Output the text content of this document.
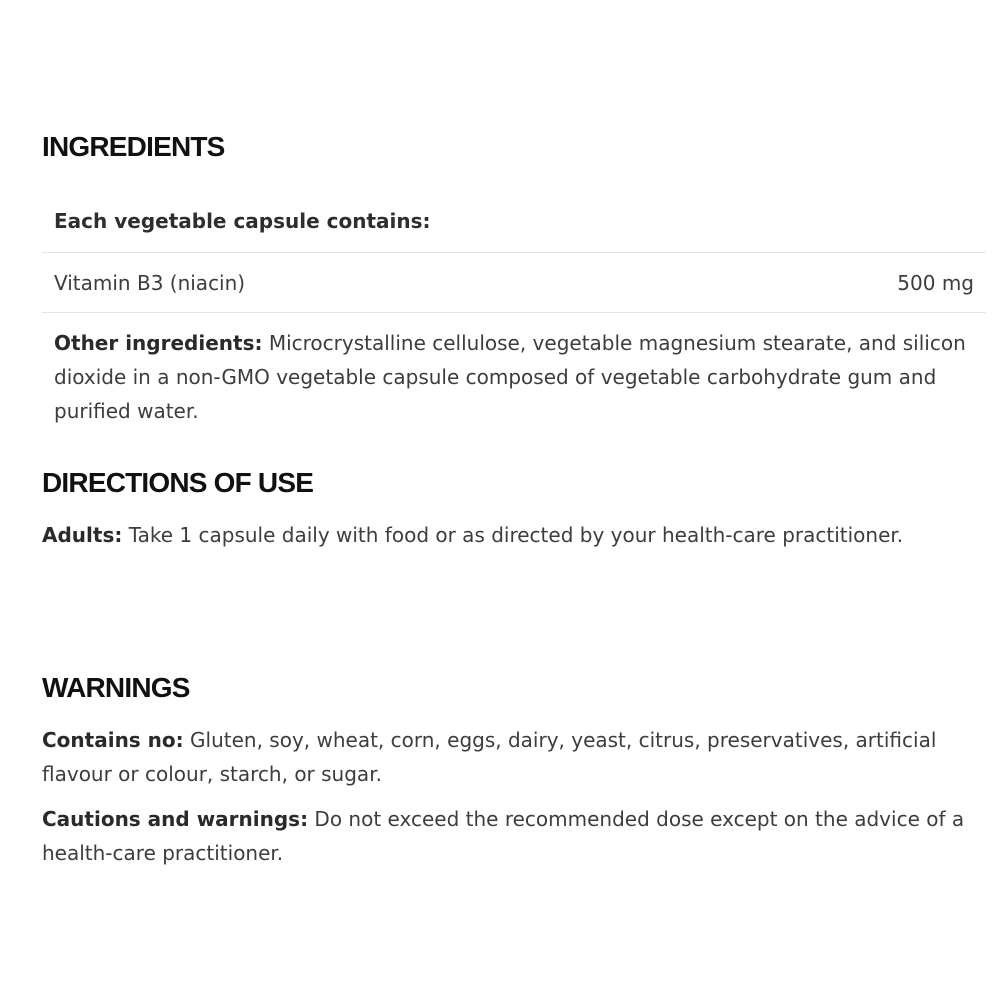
INGREDIENTS
Each vegetable capsule contains:
Vitamin B3 (niacin)	500 mg
Other ingredients: Microcrystalline cellulose, vegetable magnesium stearate, and silicon dioxide in a non-GMO vegetable capsule composed of vegetable carbohydrate gum and purified water.
DIRECTIONS OF USE

Adults: Take 1 capsule daily with food or as directed by your health-care practitioner.

WARNINGS

Contains no: Gluten, soy, wheat, corn, eggs, dairy, yeast, citrus, preservatives, artificial flavour or colour, starch, or sugar.

Cautions and warnings: Do not exceed the recommended dose except on the advice of a health-care practitioner.
